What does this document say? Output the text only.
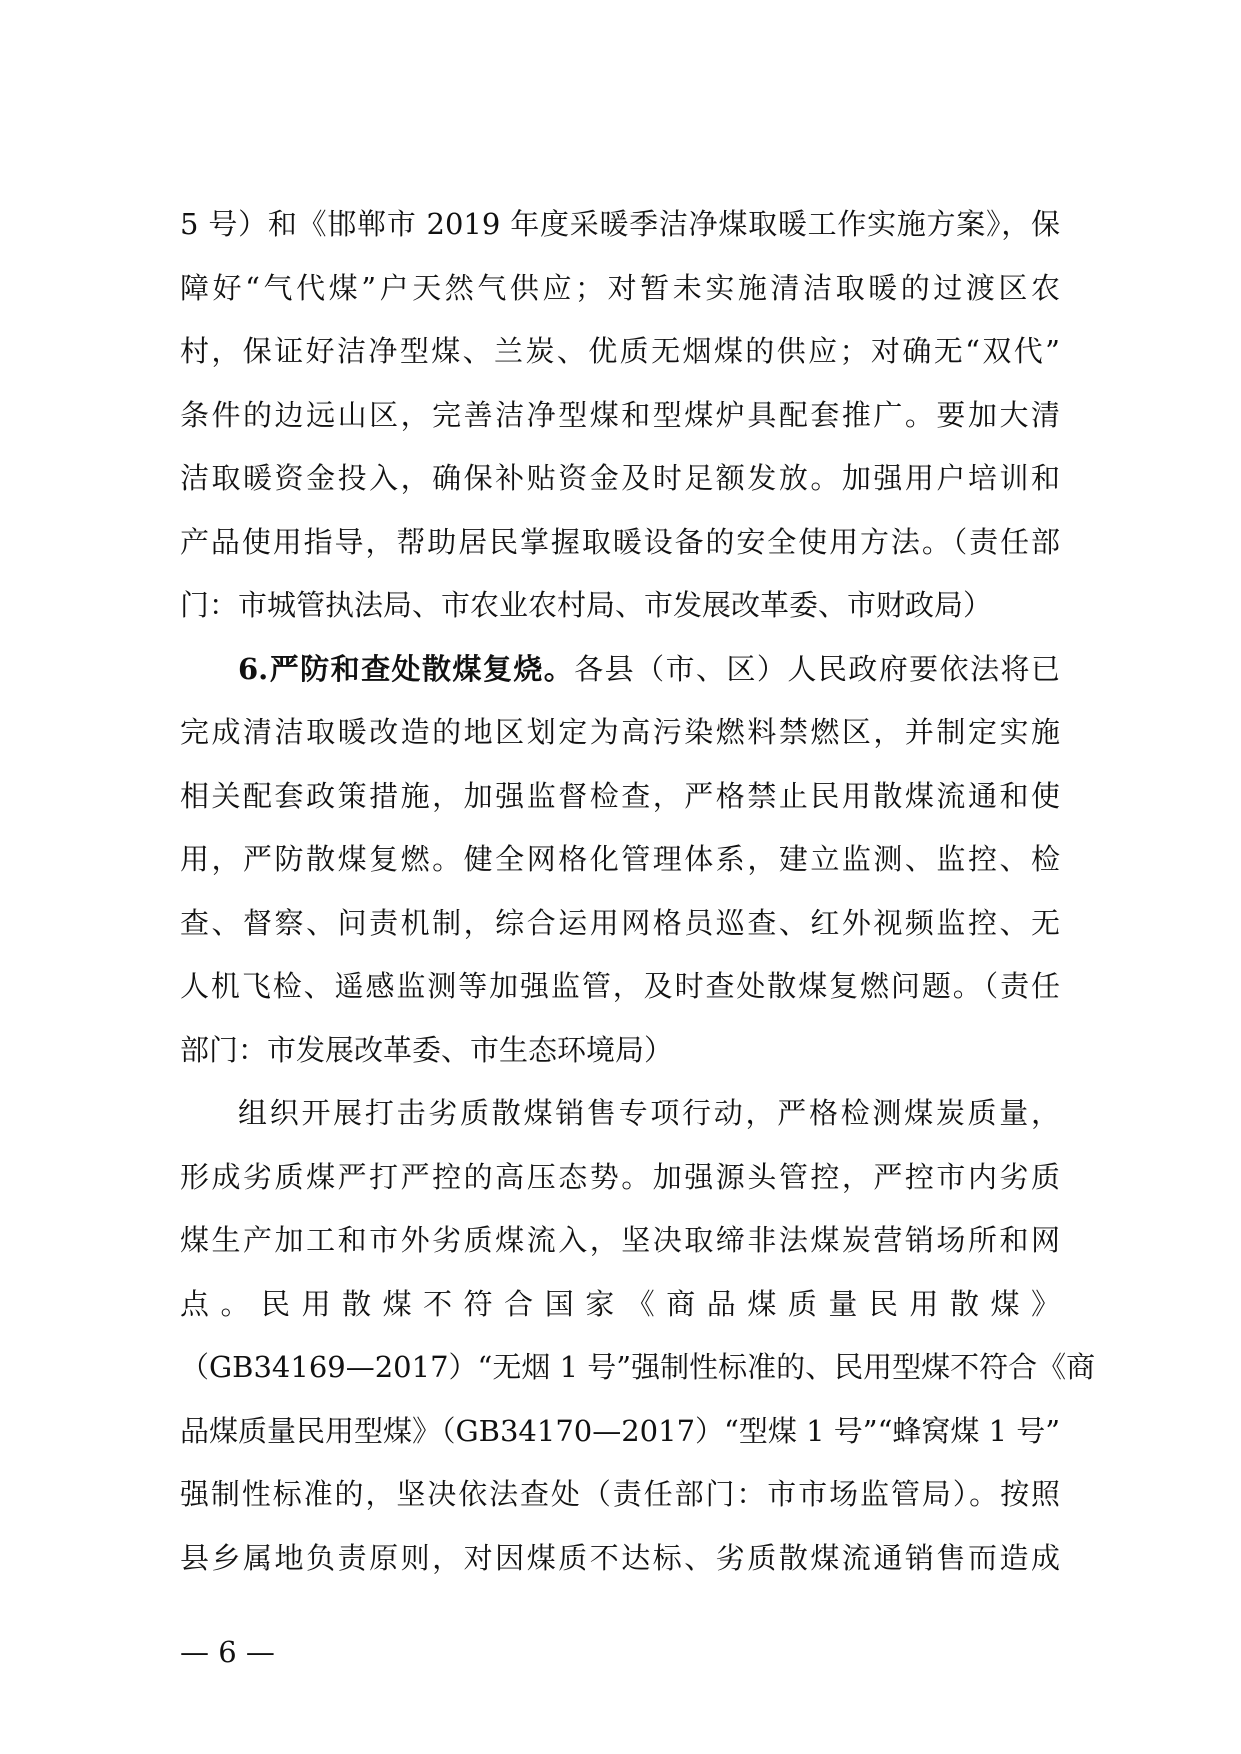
5 号）和《邯郸市 2019 年度采暖季洁净煤取暖工作实施方案》，保
障好“气代煤”户天然气供应；对暂未实施清洁取暖的过渡区农
村，保证好洁净型煤、兰炭、优质无烟煤的供应；对确无“双代”
条件的边远山区，完善洁净型煤和型煤炉具配套推广。要加大清
洁取暖资金投入，确保补贴资金及时足额发放。加强用户培训和
产品使用指导，帮助居民掌握取暖设备的安全使用方法。（责任部
门：市城管执法局、市农业农村局、市发展改革委、市财政局）
6.严防和查处散煤复烧。各县（市、区）人民政府要依法将已
完成清洁取暖改造的地区划定为高污染燃料禁燃区，并制定实施
相关配套政策措施，加强监督检查，严格禁止民用散煤流通和使
用，严防散煤复燃。健全网格化管理体系，建立监测、监控、检
查、督察、问责机制，综合运用网格员巡查、红外视频监控、无
人机飞检、遥感监测等加强监管，及时查处散煤复燃问题。（责任
部门：市发展改革委、市生态环境局）
组织开展打击劣质散煤销售专项行动，严格检测煤炭质量，
形成劣质煤严打严控的高压态势。加强源头管控，严控市内劣质
煤生产加工和市外劣质煤流入，坚决取缔非法煤炭营销场所和网
点。民用散煤不符合国家《商品煤质量民用散煤》
（GB34169—2017）“无烟 1 号”强制性标准的、民用型煤不符合《商
品煤质量民用型煤》（GB34170—2017）“型煤 1 号”“蜂窝煤 1 号”
强制性标准的，坚决依法查处（责任部门：市市场监管局）。按照
县乡属地负责原则，对因煤质不达标、劣质散煤流通销售而造成
— 6 —
